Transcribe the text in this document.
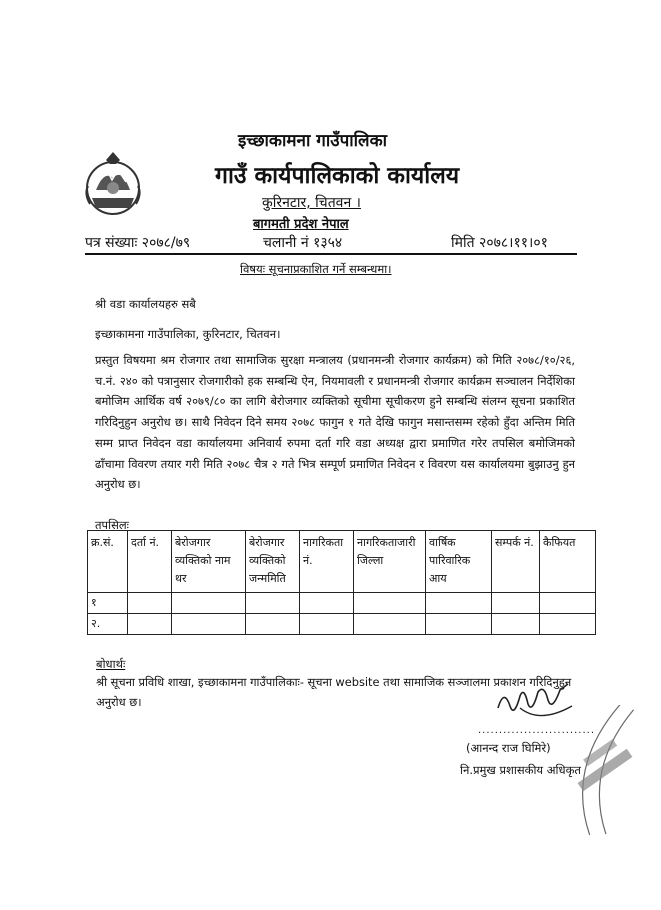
इच्छाकामना गाउँपालिका
गाउँ कार्यपालिकाको कार्यालय
कुरिनटार, चितवन ।
बागमती प्रदेश नेपाल
पत्र संख्याः २०७८/७९	चलानी नं १३५४	मिति २०७८।११।०१
विषयः सूचनाप्रकाशित गर्ने सम्बन्धमा।
श्री वडा कार्यालयहरु सबै
इच्छाकामना गाउँपालिका, कुरिनटार, चितवन।
प्रस्तुत विषयमा श्रम रोजगार तथा सामाजिक सुरक्षा मन्त्रालय (प्रधानमन्त्री रोजगार कार्यक्रम) को मिति २०७८/१०/२६, च.नं. २४० को पत्रानुसार रोजगारीको हक सम्बन्धि ऐन, नियमावली र प्रधानमन्त्री रोजगार कार्यक्रम सञ्चालन निर्देशिका बमोजिम आर्थिक वर्ष २०७९/८० का लागि बेरोजगार व्यक्तिको सूचीमा सूचीकरण हुने सम्बन्धि संलग्न सूचना प्रकाशित गरिदिनुहुन अनुरोध छ। साथै निवेदन दिने समय २०७८ फागुन १ गते देखि फागुन मसान्तसम्म रहेको हुँदा अन्तिम मिति सम्म प्राप्त निवेदन वडा कार्यालयमा अनिवार्य रुपमा दर्ता गरि वडा अध्यक्ष द्वारा प्रमाणित गरेर तपसिल बमोजिमको ढाँचामा विवरण तयार गरी मिति २०७८ चैत्र २ गते भित्र सम्पूर्ण प्रमाणित निवेदन र विवरण यस कार्यालयमा बुझाउनु हुन अनुरोध छ।
तपसिलः
क्र.सं.	दर्ता नं.	बेरोजगार व्यक्तिको नाम थर	बेरोजगार व्यक्तिको जन्ममिति	नागरिकता नं.	नागरिकताजारी जिल्ला	वार्षिक पारिवारिक आय	सम्पर्क नं.	कैफियत
१								
२.								
बोधार्थः
श्री सूचना प्रविधि शाखा, इच्छाकामना गाउँपालिकाः- सूचना website तथा सामाजिक सञ्जालमा प्रकाशन गरिदिनुहुन अनुरोध छ।
............................
(आनन्द राज घिमिरे)
नि.प्रमुख प्रशासकीय अधिकृत
